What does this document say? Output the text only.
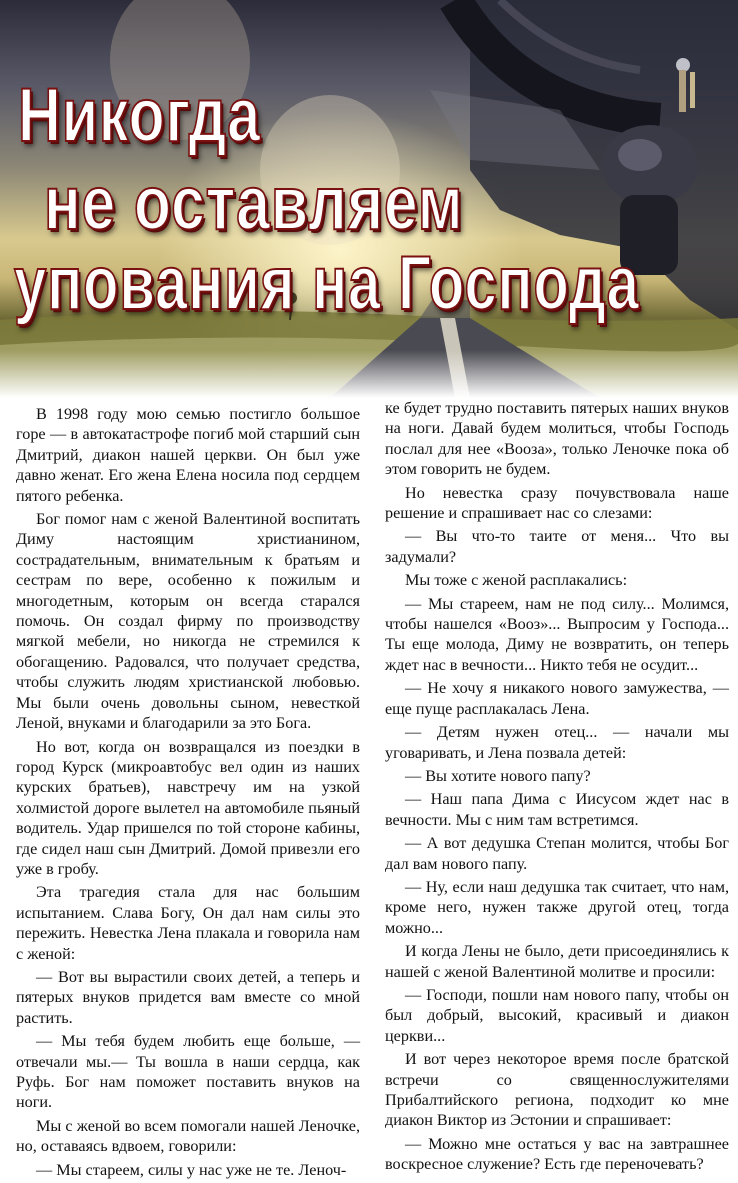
Никогда
не оставляем
упования на Господа

В 1998 году мою семью постигло большое горе — в автокатастрофе погиб мой старший сын Дмитрий, диакон нашей церкви. Он был уже давно женат. Его жена Елена носила под сердцем пятого ребенка.

Бог помог нам с женой Валентиной воспитать Диму настоящим христианином, сострадательным, внимательным к братьям и сестрам по вере, особенно к пожилым и многодетным, которым он всегда старался помочь. Он создал фирму по производству мягкой мебели, но никогда не стремился к обогащению. Радовался, что получает средства, чтобы служить людям христианской любовью. Мы были очень довольны сыном, невесткой Леной, внуками и благодарили за это Бога.

Но вот, когда он возвращался из поездки в город Курск (микроавтобус вел один из наших курских братьев), навстречу им на узкой холмистой дороге вылетел на автомобиле пьяный водитель. Удар пришелся по той стороне кабины, где сидел наш сын Дмитрий. Домой привезли его уже в гробу.

Эта трагедия стала для нас большим испытанием. Слава Богу, Он дал нам силы это пережить. Невестка Лена плакала и говорила нам с женой:

— Вот вы вырастили своих детей, а теперь и пятерых внуков придется вам вместе со мной растить.

— Мы тебя будем любить еще больше, — отвечали мы.— Ты вошла в наши сердца, как Руфь. Бог нам поможет поставить внуков на ноги.

Мы с женой во всем помогали нашей Леночке, но, оставаясь вдвоем, говорили:

— Мы стареем, силы у нас уже не те. Леноч-

ке будет трудно поставить пятерых наших внуков на ноги. Давай будем молиться, чтобы Господь послал для нее «Вооза», только Леночке пока об этом говорить не будем.

Но невестка сразу почувствовала наше решение и спрашивает нас со слезами:

— Вы что-то таите от меня... Что вы задумали?

Мы тоже с женой расплакались:

— Мы стареем, нам не под силу... Молимся, чтобы нашелся «Вооз»... Выпросим у Господа... Ты еще молода, Диму не возвратить, он теперь ждет нас в вечности... Никто тебя не осудит...

— Не хочу я никакого нового замужества, — еще пуще расплакалась Лена.

— Детям нужен отец... — начали мы уговаривать, и Лена позвала детей:

— Вы хотите нового папу?

— Наш папа Дима с Иисусом ждет нас в вечности. Мы с ним там встретимся.

— А вот дедушка Степан молится, чтобы Бог дал вам нового папу.

— Ну, если наш дедушка так считает, что нам, кроме него, нужен также другой отец, тогда можно...

И когда Лены не было, дети присоединялись к нашей с женой Валентиной молитве и просили:

— Господи, пошли нам нового папу, чтобы он был добрый, высокий, красивый и диакон церкви...

И вот через некоторое время после братской встречи со священнослужителями Прибалтийского региона, подходит ко мне диакон Виктор из Эстонии и спрашивает:

— Можно мне остаться у вас на завтрашнее воскресное служение? Есть где переночевать?
